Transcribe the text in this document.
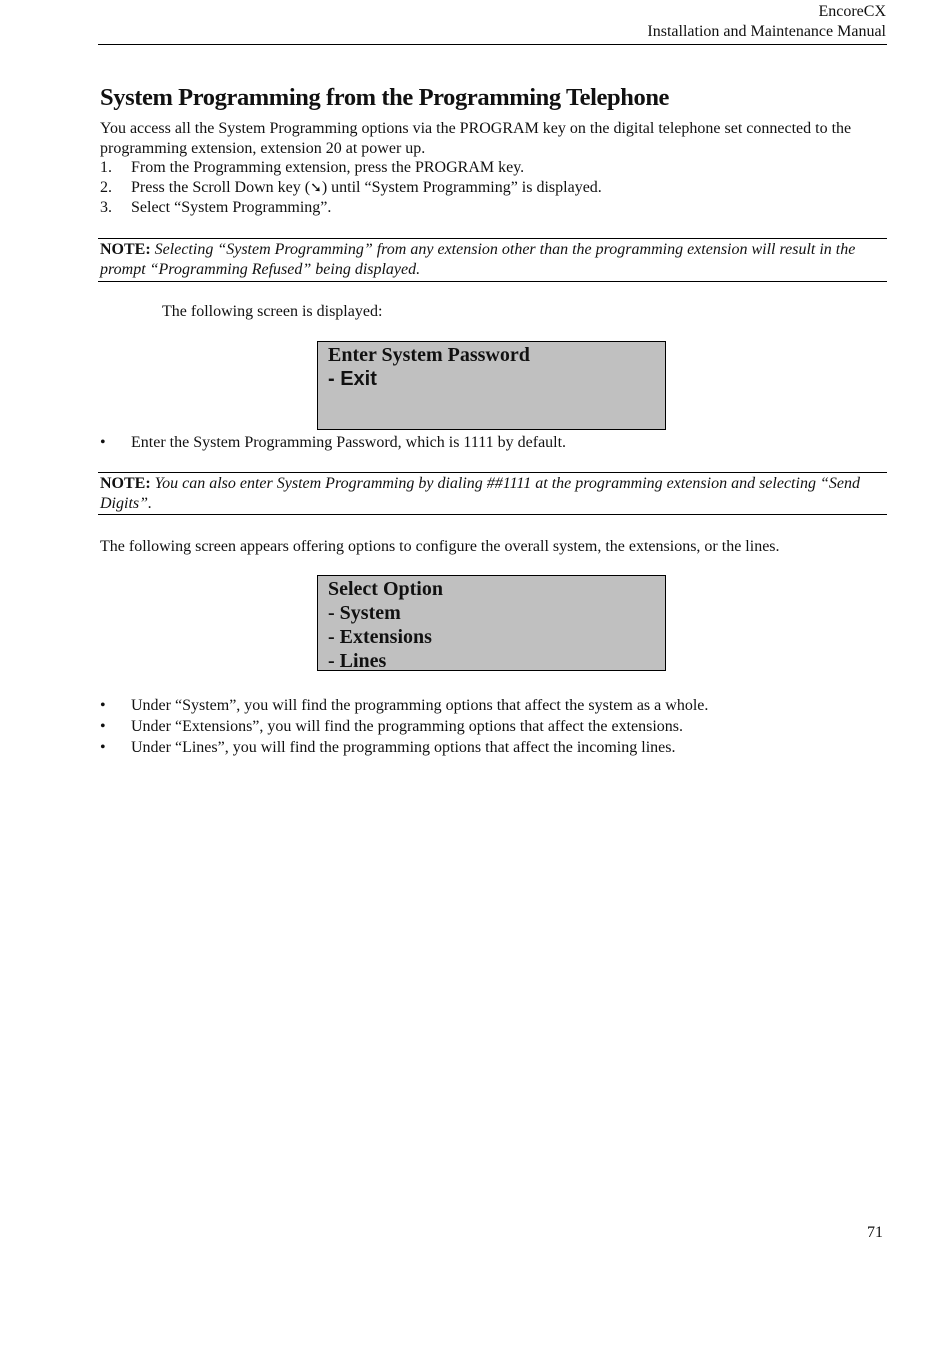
EncoreCX
Installation and Maintenance Manual
System Programming from the Programming Telephone

You access all the System Programming options via the PROGRAM key on the digital telephone set connected to the programming extension, extension 20 at power up.

1. From the Programming extension, press the PROGRAM key.
2. Press the Scroll Down key (➘) until “System Programming” is displayed.
3. Select “System Programming”.
NOTE: Selecting “System Programming” from any extension other than the programming extension will result in the prompt “Programming Refused” being displayed.

The following screen is displayed:

Enter System Password
- Exit
• Enter the System Programming Password, which is 1111 by default.
NOTE: You can also enter System Programming by dialing ##1111 at the programming extension and selecting “Send Digits”.

The following screen appears offering options to configure the overall system, the extensions, or the lines.

Select Option
- System
- Extensions
- Lines
• Under “System”, you will find the programming options that affect the system as a whole.
• Under “Extensions”, you will find the programming options that affect the extensions.
• Under “Lines”, you will find the programming options that affect the incoming lines.
71
